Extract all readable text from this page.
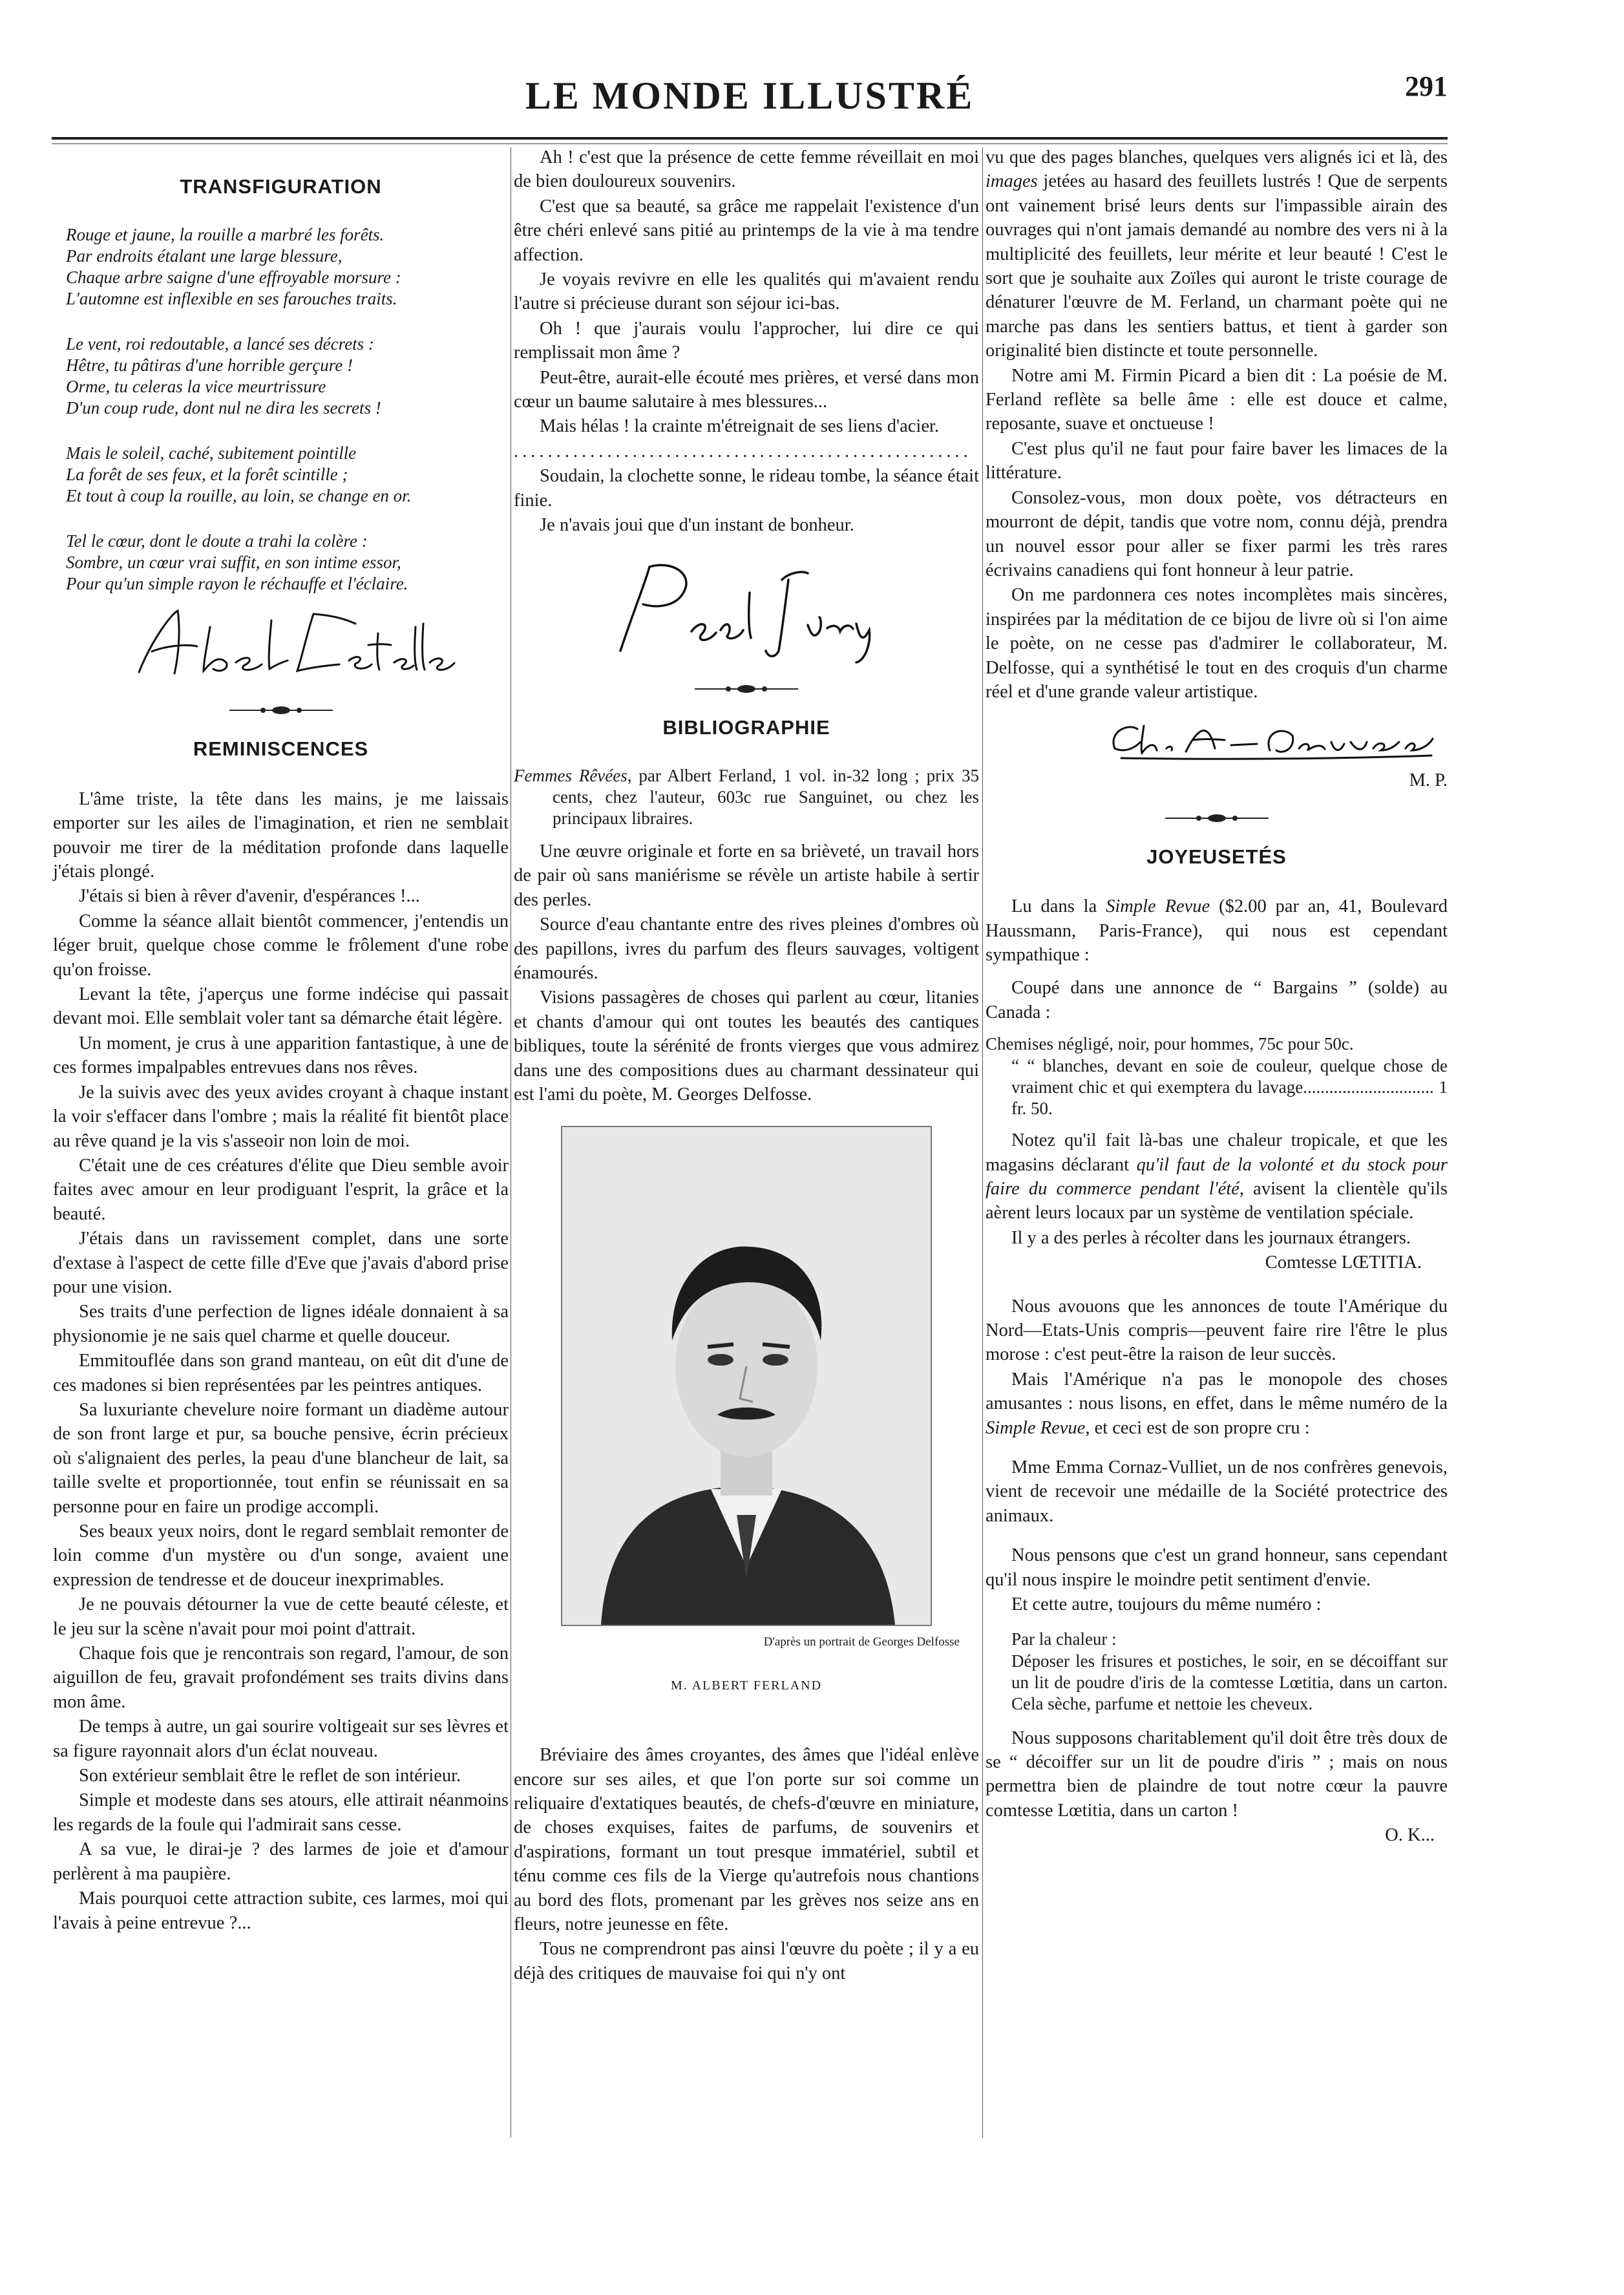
LE MONDE ILLUSTRÉ	291
TRANSFIGURATION

Rouge et jaune, la rouille a marbré les forêts.

Par endroits étalant une large blessure,

Chaque arbre saigne d'une effroyable morsure :

L'automne est inflexible en ses farouches traits.

Le vent, roi redoutable, a lancé ses décrets :

Hêtre, tu pâtiras d'une horrible gerçure !

Orme, tu celeras la vice meurtrissure

D'un coup rude, dont nul ne dira les secrets !

Mais le soleil, caché, subitement pointille

La forêt de ses feux, et la forêt scintille ;

Et tout à coup la rouille, au loin, se change en or.

Tel le cœur, dont le doute a trahi la colère :

Sombre, un cœur vrai suffit, en son intime essor,

Pour qu'un simple rayon le réchauffe et l'éclaire.

REMINISCENCES

L'âme triste, la tête dans les mains, je me laissais emporter sur les ailes de l'imagination, et rien ne semblait pouvoir me tirer de la méditation profonde dans laquelle j'étais plongé.

J'étais si bien à rêver d'avenir, d'espérances !...

Comme la séance allait bientôt commencer, j'entendis un léger bruit, quelque chose comme le frôlement d'une robe qu'on froisse.

Levant la tête, j'aperçus une forme indécise qui passait devant moi. Elle semblait voler tant sa démarche était légère.

Un moment, je crus à une apparition fantastique, à une de ces formes impalpables entrevues dans nos rêves.

Je la suivis avec des yeux avides croyant à chaque instant la voir s'effacer dans l'ombre ; mais la réalité fit bientôt place au rêve quand je la vis s'asseoir non loin de moi.

C'était une de ces créatures d'élite que Dieu semble avoir faites avec amour en leur prodiguant l'esprit, la grâce et la beauté.

J'étais dans un ravissement complet, dans une sorte d'extase à l'aspect de cette fille d'Eve que j'avais d'abord prise pour une vision.

Ses traits d'une perfection de lignes idéale donnaient à sa physionomie je ne sais quel charme et quelle douceur.

Emmitouflée dans son grand manteau, on eût dit d'une de ces madones si bien représentées par les peintres antiques.

Sa luxuriante chevelure noire formant un diadème autour de son front large et pur, sa bouche pensive, écrin précieux où s'alignaient des perles, la peau d'une blancheur de lait, sa taille svelte et proportionnée, tout enfin se réunissait en sa personne pour en faire un prodige accompli.

Ses beaux yeux noirs, dont le regard semblait remonter de loin comme d'un mystère ou d'un songe, avaient une expression de tendresse et de douceur inexprimables.

Je ne pouvais détourner la vue de cette beauté céleste, et le jeu sur la scène n'avait pour moi point d'attrait.

Chaque fois que je rencontrais son regard, l'amour, de son aiguillon de feu, gravait profondément ses traits divins dans mon âme.

De temps à autre, un gai sourire voltigeait sur ses lèvres et sa figure rayonnait alors d'un éclat nouveau.

Son extérieur semblait être le reflet de son intérieur.

Simple et modeste dans ses atours, elle attirait néanmoins les regards de la foule qui l'admirait sans cesse.

A sa vue, le dirai-je ? des larmes de joie et d'amour perlèrent à ma paupière.

Mais pourquoi cette attraction subite, ces larmes, moi qui l'avais à peine entrevue ?...

Ah ! c'est que la présence de cette femme réveillait en moi de bien douloureux souvenirs.

C'est que sa beauté, sa grâce me rappelait l'existence d'un être chéri enlevé sans pitié au printemps de la vie à ma tendre affection.

Je voyais revivre en elle les qualités qui m'avaient rendu l'autre si précieuse durant son séjour ici-bas.

Oh ! que j'aurais voulu l'approcher, lui dire ce qui remplissait mon âme ?

Peut-être, aurait-elle écouté mes prières, et versé dans mon cœur un baume salutaire à mes blessures...

Mais hélas ! la crainte m'étreignait de ses liens d'acier.

......................................................

Soudain, la clochette sonne, le rideau tombe, la séance était finie.

Je n'avais joui que d'un instant de bonheur.

BIBLIOGRAPHIE

Femmes Rêvées, par Albert Ferland, 1 vol. in-32 long ; prix 35 cents, chez l'auteur, 603c rue Sanguinet, ou chez les principaux libraires.

Une œuvre originale et forte en sa brièveté, un travail hors de pair où sans maniérisme se révèle un artiste habile à sertir des perles.

Source d'eau chantante entre des rives pleines d'ombres où des papillons, ivres du parfum des fleurs sauvages, voltigent énamourés.

Visions passagères de choses qui parlent au cœur, litanies et chants d'amour qui ont toutes les beautés des cantiques bibliques, toute la sérénité de fronts vierges que vous admirez dans une des compositions dues au charmant dessinateur qui est l'ami du poète, M. Georges Delfosse.

D'après un portrait de Georges Delfosse
M. ALBERT FERLAND

Bréviaire des âmes croyantes, des âmes que l'idéal enlève encore sur ses ailes, et que l'on porte sur soi comme un reliquaire d'extatiques beautés, de chefs-d'œuvre en miniature, de choses exquises, faites de parfums, de souvenirs et d'aspirations, formant un tout presque immatériel, subtil et ténu comme ces fils de la Vierge qu'autrefois nous chantions au bord des flots, promenant par les grèves nos seize ans en fleurs, notre jeunesse en fête.

Tous ne comprendront pas ainsi l'œuvre du poète ; il y a eu déjà des critiques de mauvaise foi qui n'y ont

vu que des pages blanches, quelques vers alignés ici et là, des images jetées au hasard des feuillets lustrés ! Que de serpents ont vainement brisé leurs dents sur l'impassible airain des ouvrages qui n'ont jamais demandé au nombre des vers ni à la multiplicité des feuillets, leur mérite et leur beauté ! C'est le sort que je souhaite aux Zoïles qui auront le triste courage de dénaturer l'œuvre de M. Ferland, un charmant poète qui ne marche pas dans les sentiers battus, et tient à garder son originalité bien distincte et toute personnelle.

Notre ami M. Firmin Picard a bien dit : La poésie de M. Ferland reflète sa belle âme : elle est douce et calme, reposante, suave et onctueuse !

C'est plus qu'il ne faut pour faire baver les limaces de la littérature.

Consolez-vous, mon doux poète, vos détracteurs en mourront de dépit, tandis que votre nom, connu déjà, prendra un nouvel essor pour aller se fixer parmi les très rares écrivains canadiens qui font honneur à leur patrie.

On me pardonnera ces notes incomplètes mais sincères, inspirées par la méditation de ce bijou de livre où si l'on aime le poète, on ne cesse pas d'admirer le collaborateur, M. Delfosse, qui a synthétisé le tout en des croquis d'un charme réel et d'une grande valeur artistique.

M. P.

JOYEUSETÉS

Lu dans la Simple Revue ($2.00 par an, 41, Boulevard Haussmann, Paris-France), qui nous est cependant sympathique :

Coupé dans une annonce de “ Bargains ” (solde) au Canada :

Chemises négligé, noir, pour hommes, 75c pour 50c.

“ “ blanches, devant en soie de couleur, quelque chose de vraiment chic et qui exemptera du lavage.............................. 1 fr. 50.

Notez qu'il fait là-bas une chaleur tropicale, et que les magasins déclarant qu'il faut de la volonté et du stock pour faire du commerce pendant l'été, avisent la clientèle qu'ils aèrent leurs locaux par un système de ventilation spéciale.

Il y a des perles à récolter dans les journaux étrangers.

Comtesse LŒTITIA.

Nous avouons que les annonces de toute l'Amérique du Nord—Etats-Unis compris—peuvent faire rire l'être le plus morose : c'est peut-être la raison de leur succès.

Mais l'Amérique n'a pas le monopole des choses amusantes : nous lisons, en effet, dans le même numéro de la Simple Revue, et ceci est de son propre cru :

Mme Emma Cornaz-Vulliet, un de nos confrères genevois, vient de recevoir une médaille de la Société protectrice des animaux.

Nous pensons que c'est un grand honneur, sans cependant qu'il nous inspire le moindre petit sentiment d'envie.

Et cette autre, toujours du même numéro :

Par la chaleur :

Déposer les frisures et postiches, le soir, en se décoiffant sur un lit de poudre d'iris de la comtesse Lœtitia, dans un carton. Cela sèche, parfume et nettoie les cheveux.

Nous supposons charitablement qu'il doit être très doux de se “ décoiffer sur un lit de poudre d'iris ” ; mais on nous permettra bien de plaindre de tout notre cœur la pauvre comtesse Lœtitia, dans un carton !

O. K...
